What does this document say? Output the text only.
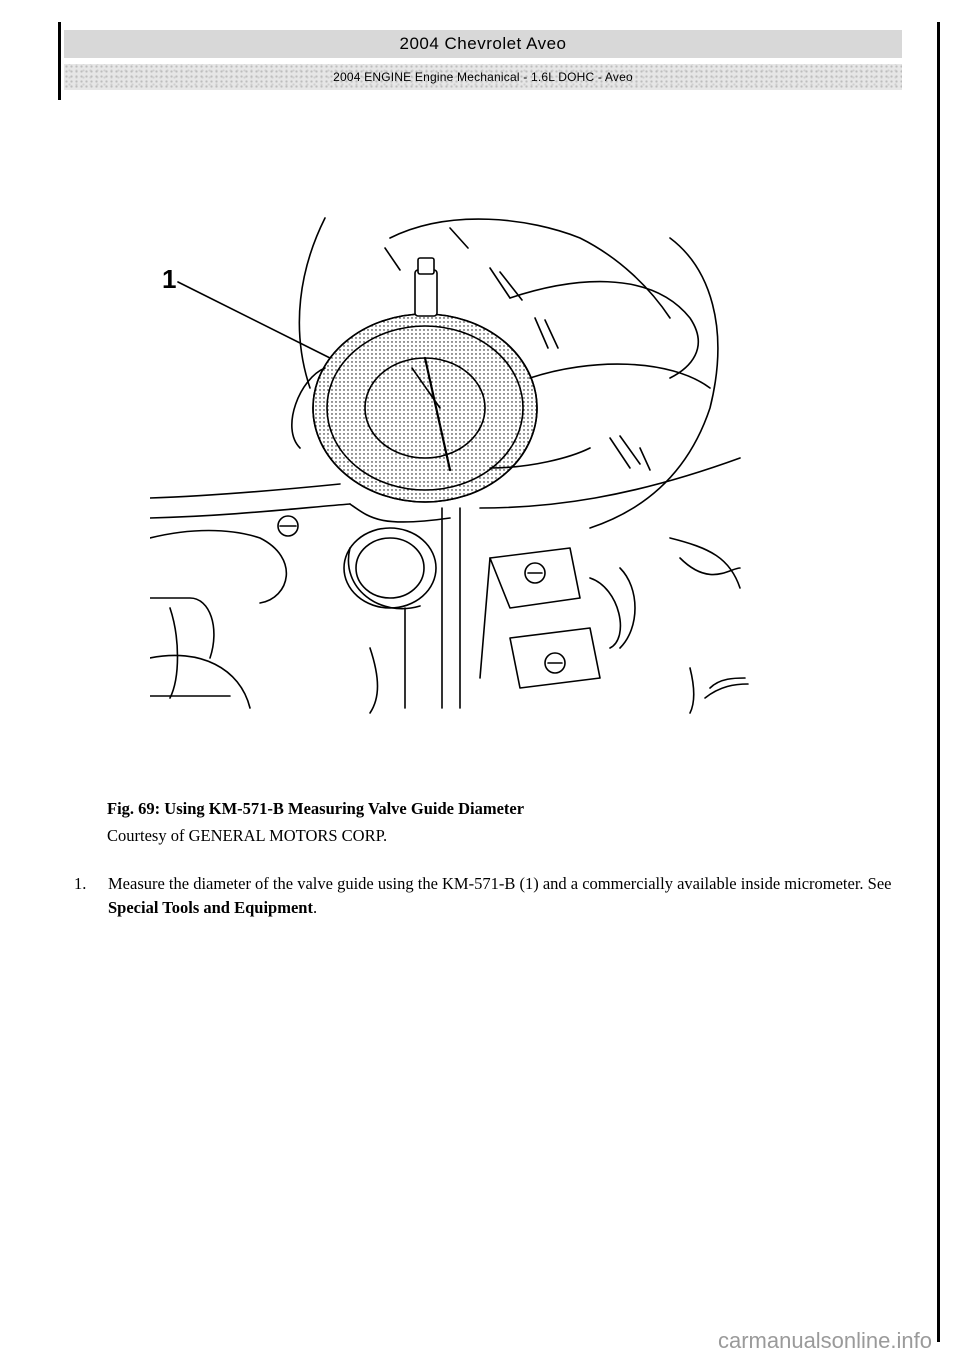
2004 Chevrolet Aveo
2004 ENGINE Engine Mechanical - 1.6L DOHC - Aveo
1
Fig. 69: Using KM-571-B Measuring Valve Guide Diameter
Courtesy of GENERAL MOTORS CORP.
1.	Measure the diameter of the valve guide using the KM-571-B (1) and a commercially available inside micrometer. See Special Tools and Equipment.
carmanualsonline.info
